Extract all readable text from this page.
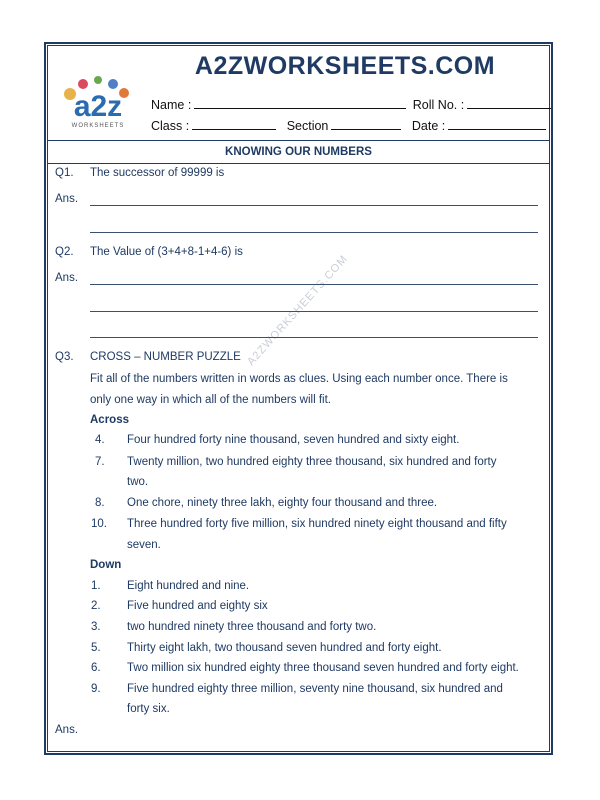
A2ZWORKSHEETS.COM
a2z
WORKSHEETS
Name :	Roll No. :
Class :	Section	Date :
KNOWING OUR NUMBERS
A2ZWORKSHEETS.COM
Q1. The successor of 99999 is
Ans.
Q2. The Value of (3+4+8-1+4-6) is
Ans.
Q3. CROSS – NUMBER PUZZLE
Fit all of the numbers written in words as clues. Using each number once. There is
only one way in which all of the numbers will fit.
Across
4. Four hundred forty nine thousand, seven hundred and sixty eight.
7. Twenty million, two hundred eighty three thousand, six hundred and forty
two.
8. One chore, ninety three lakh, eighty four thousand and three.
10. Three hundred forty five million, six hundred ninety eight thousand and fifty
seven.
Down
1. Eight hundred and nine.
2. Five hundred and eighty six
3. two hundred ninety three thousand and forty two.
5. Thirty eight lakh, two thousand seven hundred and forty eight.
6. Two million six hundred eighty three thousand seven hundred and forty eight.
9. Five hundred eighty three million, seventy nine thousand, six hundred and
forty six.
Ans.
